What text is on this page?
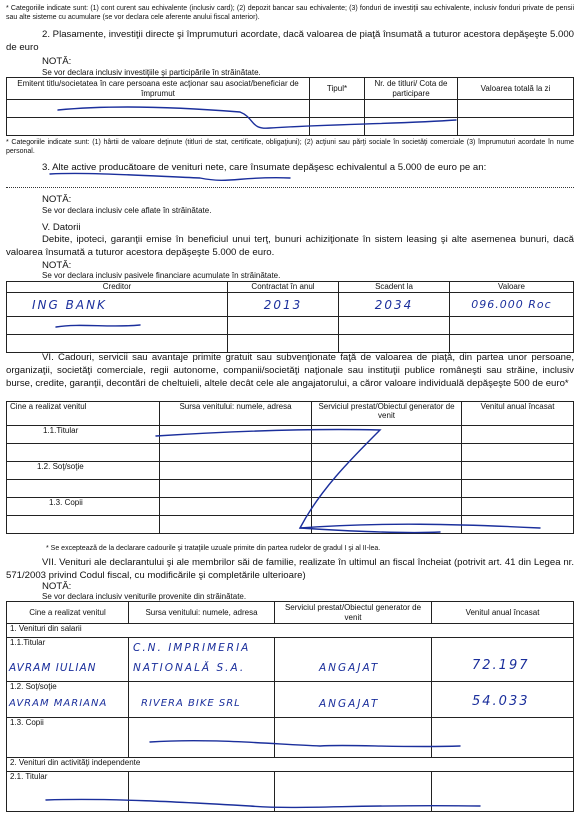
* Categoriile indicate sunt: (1) cont curent sau echivalente (inclusiv card); (2) depozit bancar sau echivalente; (3) fonduri de investiţii sau echivalente, inclusiv fonduri private de pensii sau alte sisteme cu acumulare (se vor declara cele aferente anului fiscal anterior).
2. Plasamente, investiţii directe şi împrumuturi acordate, dacă valoarea de piaţă însumată a tuturor acestora depăşeşte 5.000 de euro
NOTĂ:
Se vor declara inclusiv investiţiile şi participările în străinătate.
Emitent titlu/societatea în care persoana este acţionar sau asociat/beneficiar de împrumut	Tipul*	Nr. de titluri/ Cota de participare	Valoarea totală la zi

* Categoriile indicate sunt: (1) hârtii de valoare deţinute (titluri de stat, certificate, obligaţiuni); (2) acţiuni sau părţi sociale în societăţi comerciale (3) împrumuturi acordate în nume personal.
3. Alte active producătoare de venituri nete, care însumate depăşesc echivalentul a 5.000 de euro pe an:
NOTĂ:
Se vor declara inclusiv cele aflate în străinătate.
V. Datorii
Debite, ipoteci, garanţii emise în beneficiul unui terţ, bunuri achiziţionate în sistem leasing şi alte asemenea bunuri, dacă valoarea însumată a tuturor acestora depăşeşte 5.000 de euro.
NOTĂ:
Se vor declara inclusiv pasivele financiare acumulate în străinătate.
Creditor	Contractat în anul	Scadent la	Valoare
ING BANK	2013	2034	096.000 Roc

VI. Cadouri, servicii sau avantaje primite gratuit sau subvenţionate faţă de valoarea de piaţă, din partea unor persoane, organizaţii, societăţi comerciale, regii autonome, companii/societăţi naţionale sau instituţii publice româneşti sau străine, inclusiv burse, credite, garanţii, decontări de cheltuieli, altele decât cele ale angajatorului, a căror valoare individuală depăşeşte 500 de euro*
Cine a realizat venitul	Sursa venitului: numele, adresa	Serviciul prestat/Obiectul generator de venit	Venitul anual încasat
1.1.Titular			

1.2. Soţ/soţie			

1.3. Copii			

* Se exceptează de la declarare cadourile şi trataţiile uzuale primite din partea rudelor de gradul I şi al II-lea.
VII. Venituri ale declarantului şi ale membrilor săi de familie, realizate în ultimul an fiscal încheiat (potrivit art. 41 din Legea nr. 571/2003 privind Codul fiscal, cu modificările şi completările ulterioare)
NOTĂ:
Se vor declara inclusiv veniturile provenite din străinătate.
Cine a realizat venitul	Sursa venitului: numele, adresa	Serviciul prestat/Obiectul generator de venit	Venitul anual încasat
1. Venituri din salarii			

1.1.Titular
AVRAM IULIAN	C.N. IMPRIMERIA
NATIONALĂ S.A.	ANGAJAT	72.197

1.2. Soţ/soţie
AVRAM MARIANA	RIVERA BIKE SRL	ANGAJAT	54.033

1.3. Copii			
2. Venituri din activităţi independente			
2.1. Titular			
